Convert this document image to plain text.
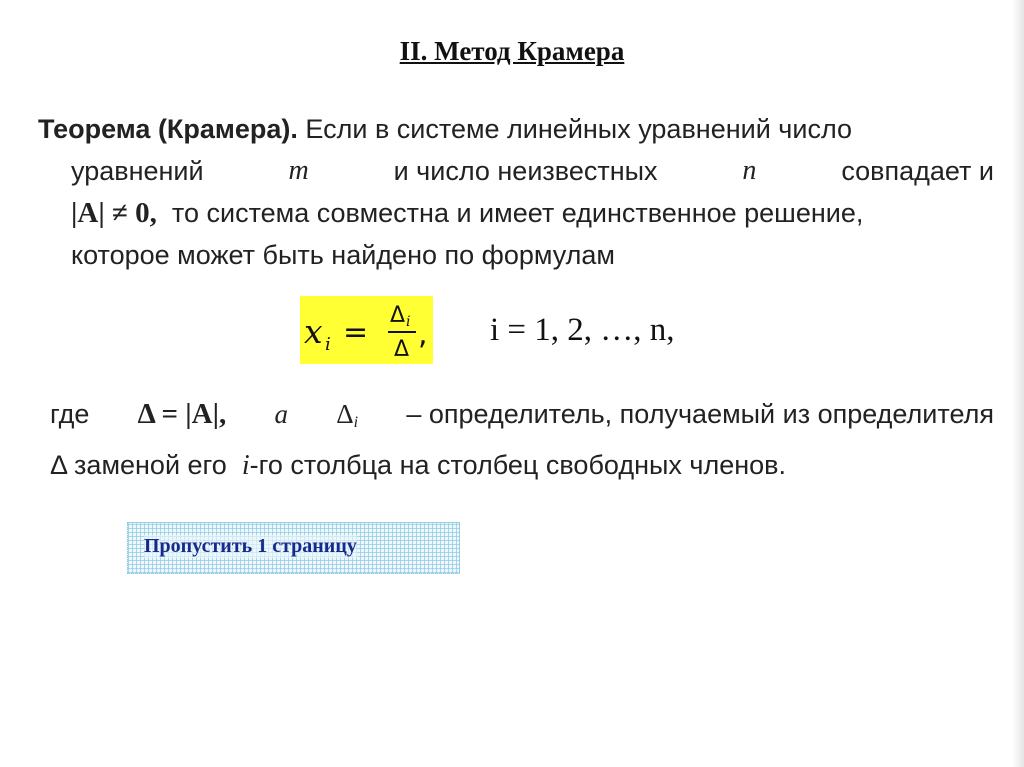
II. Метод Крамера
Теорема (Крамера). Если в системе линейных уравнений число
уравнений	m	и число неизвестных	n	совпадает и
|A| ≠ 0, то система совместна и имеет единственное решение,
которое может быть найдено по формулам
x i = Δ i
Δ , i = 1, 2, …, n,
где Δ = |A|, а $\Delta_i$ – определитель, получаемый из определителя
Δ заменой его i-го столбца на столбец свободных членов.
Пропустить 1 страницу
